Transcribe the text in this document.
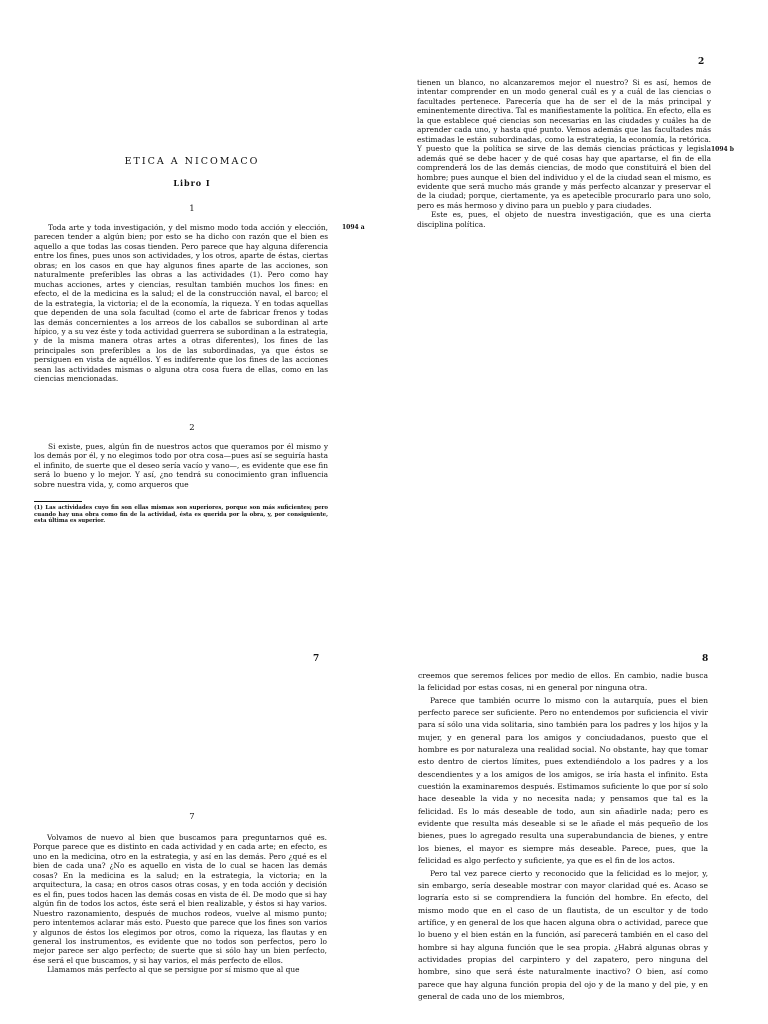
ETICA A NICOMACO
Libro I
1
1094 a

Toda arte y toda investigación, y del mismo modo toda acción y elección, parecen tender a algún bien; por esto se ha dicho con razón que el bien es aquello a que todas las cosas tienden. Pero parece que hay alguna diferencia entre los fines, pues unos son actividades, y los otros, aparte de éstas, ciertas obras; en los casos en que hay algunos fines aparte de las acciones, son naturalmente preferibles las obras a las actividades (1). Pero como hay muchas acciones, artes y ciencias, resultan también muchos los fines: en efecto, el de la medicina es la salud; el de la construcción naval, el barco; el de la estrategia, la victoria; el de la economía, la riqueza. Y en todas aquellas que dependen de una sola facultad (como el arte de fabricar frenos y todas las demás concernientes a los arreos de los caballos se subordinan al arte hípico, y a su vez éste y toda actividad guerrera se subordinan a la estrategia, y de la misma manera otras artes a otras diferentes), los fines de las principales son preferibles a los de las subordinadas, ya que éstos se persiguen en vista de aquéllos. Y es indiferente que los fines de las acciones sean las actividades mismas o alguna otra cosa fuera de ellas, como en las ciencias mencionadas.

2

Si existe, pues, algún fin de nuestros actos que queramos por él mismo y los demás por él, y no elegimos todo por otra cosa—pues así se seguiría hasta el infinito, de suerte que el deseo sería vacío y vano—, es evidente que ese fin será lo bueno y lo mejor. Y así, ¿no tendrá su conocimiento gran influencia sobre nuestra vida, y, como arqueros que

(1) Las actividades cuyo fin son ellas mismas son superiores, porque son más suficientes; pero cuando hay una obra como fin de la actividad, ésta es querida por la obra, y, por consiguiente, esta última es superior.
2

tienen un blanco, no alcanzaremos mejor el nuestro? Si es así, hemos de intentar comprender en un modo general cuál es y a cuál de las ciencias o facultades pertenece. Parecería que ha de ser el de la más principal y eminentemente directiva. Tal es manifiestamente la política. En efecto, ella es la que establece qué ciencias son necesarias en las ciudades y cuáles ha de aprender cada uno, y hasta qué punto. Vemos además que las facultades más estimadas le están subordinadas, como la estrategia, la economía, la retórica. Y puesto que la política se sirve de las demás ciencias prácticas y legisla además qué se debe hacer y de qué cosas hay que apartarse, el fin de ella comprenderá los de las demás ciencias, de modo que constituirá el bien del hombre; pues aunque el bien del individuo y el de la ciudad sean el mismo, es evidente que será mucho más grande y más perfecto alcanzar y preservar el de la ciudad; porque, ciertamente, ya es apetecible procurarlo para uno solo, pero es más hermoso y divino para un pueblo y para ciudades.

Este es, pues, el objeto de nuestra investigación, que es una cierta disciplina política.

1094 b
7
7

Volvamos de nuevo al bien que buscamos para preguntarnos qué es. Porque parece que es distinto en cada actividad y en cada arte; en efecto, es uno en la medicina, otro en la estrategia, y así en las demás. Pero ¿qué es el bien de cada una? ¿No es aquello en vista de lo cual se hacen las demás cosas? En la medicina es la salud; en la estrategia, la victoria; en la arquitectura, la casa; en otros casos otras cosas, y en toda acción y decisión es el fin, pues todos hacen las demás cosas en vista de él. De modo que si hay algún fin de todos los actos, éste será el bien realizable, y éstos si hay varios. Nuestro razonamiento, después de muchos rodeos, vuelve al mismo punto; pero intentemos aclarar más esto. Puesto que parece que los fines son varios y algunos de éstos los elegimos por otros, como la riqueza, las flautas y en general los instrumentos, es evidente que no todos son perfectos, pero lo mejor parece ser algo perfecto; de suerte que si sólo hay un bien perfecto, ése será el que buscamos, y si hay varios, el más perfecto de ellos.

Llamamos más perfecto al que se persigue por sí mismo que al que

8

creemos que seremos felices por medio de ellos. En cambio, nadie busca la felicidad por estas cosas, ni en general por ninguna otra.

Parece que también ocurre lo mismo con la autarquía, pues el bien perfecto parece ser suficiente. Pero no entendemos por suficiencia el vivir para sí sólo una vida solitaria, sino también para los padres y los hijos y la mujer, y en general para los amigos y conciudadanos, puesto que el hombre es por naturaleza una realidad social. No obstante, hay que tomar esto dentro de ciertos límites, pues extendiéndolo a los padres y a los descendientes y a los amigos de los amigos, se iría hasta el infinito. Esta cuestión la examinaremos después. Estimamos suficiente lo que por sí solo hace deseable la vida y no necesita nada; y pensamos que tal es la felicidad. Es lo más deseable de todo, aun sin añadirle nada; pero es evidente que resulta más deseable si se le añade el más pequeño de los bienes, pues lo agregado resulta una superabundancia de bienes, y entre los bienes, el mayor es siempre más deseable. Parece, pues, que la felicidad es algo perfecto y suficiente, ya que es el fin de los actos.

Pero tal vez parece cierto y reconocido que la felicidad es lo mejor, y, sin embargo, sería deseable mostrar con mayor claridad qué es. Acaso se lograría esto si se comprendiera la función del hombre. En efecto, del mismo modo que en el caso de un flautista, de un escultor y de todo artífice, y en general de los que hacen alguna obra o actividad, parece que lo bueno y el bien están en la función, así parecerá también en el caso del hombre si hay alguna función que le sea propia. ¿Habrá algunas obras y actividades propias del carpintero y del zapatero, pero ninguna del hombre, sino que será éste naturalmente inactivo? O bien, así como parece que hay alguna función propia del ojo y de la mano y del pie, y en general de cada uno de los miembros,
